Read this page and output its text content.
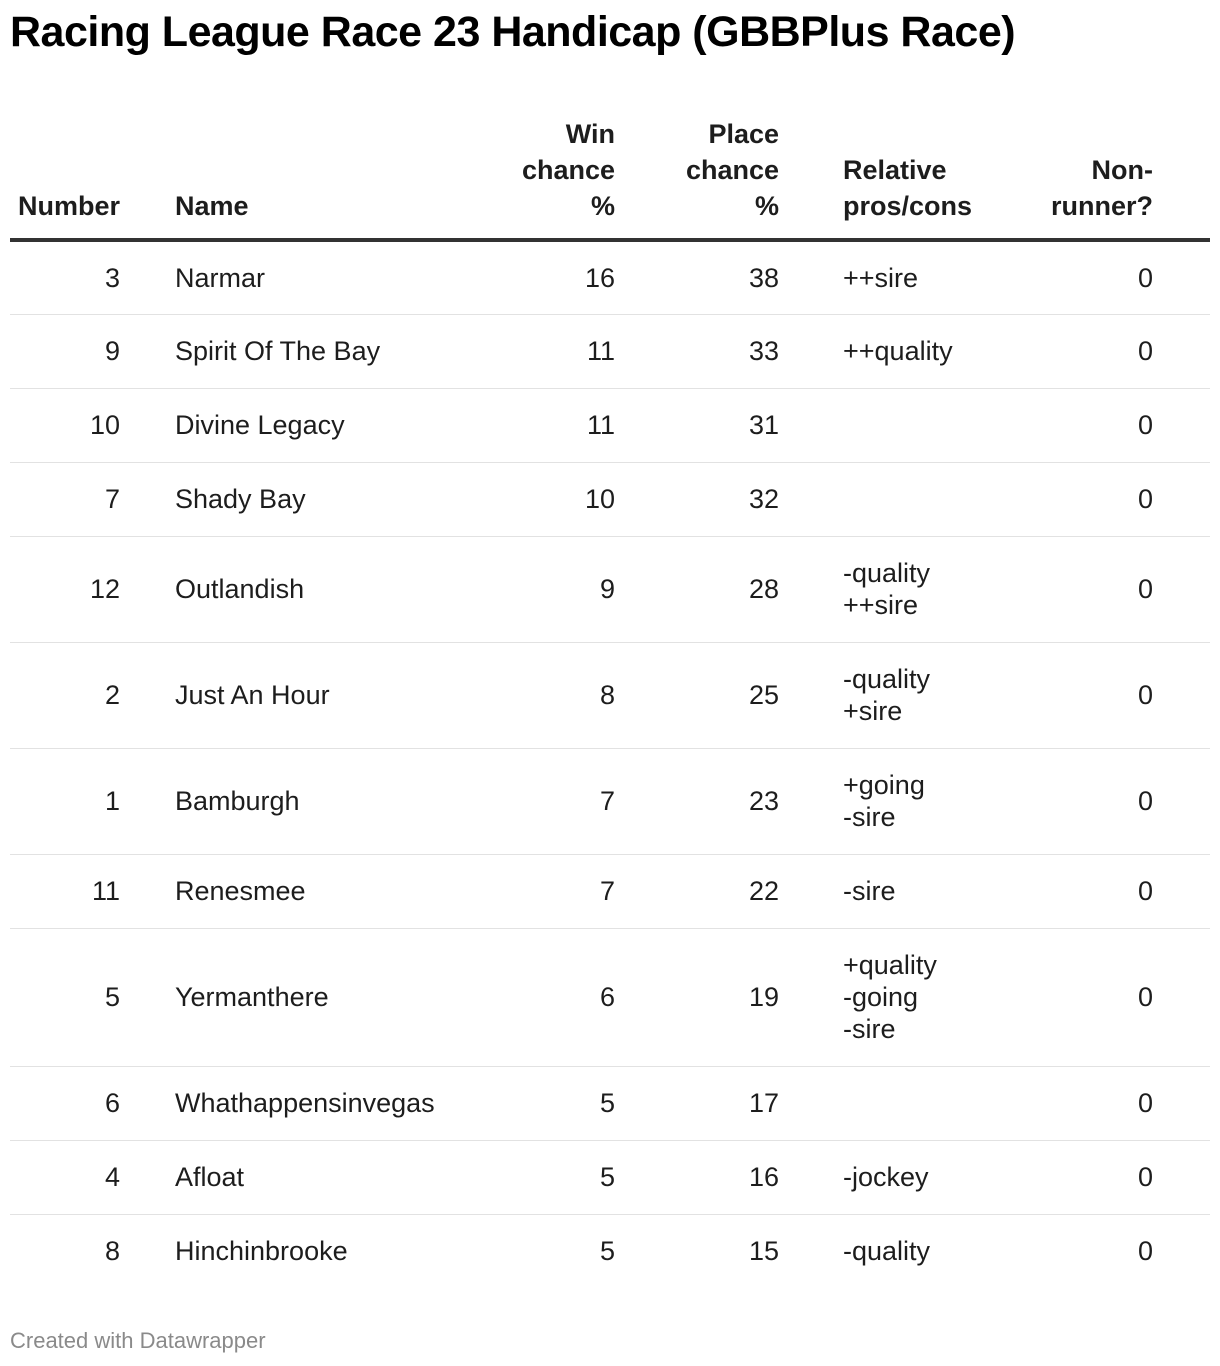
Racing League Race 23 Handicap (GBBPlus Race)
Number	Name	Win
chance
%	Place
chance
%	Relative
pros/cons	Non-
runner?

3	Narmar	16	38	++sire	0
9	Spirit Of The Bay	11	33	++quality	0
10	Divine Legacy	11	31		0
7	Shady Bay	10	32		0
12	Outlandish	9	28	-quality
++sire	0
2	Just An Hour	8	25	-quality
+sire	0
1	Bamburgh	7	23	+going
-sire	0
11	Renesmee	7	22	-sire	0
5	Yermanthere	6	19	+quality
-going
-sire	0
6	Whathappensinvegas	5	17		0
4	Afloat	5	16	-jockey	0
8	Hinchinbrooke	5	15	-quality	0
Created with Datawrapper
